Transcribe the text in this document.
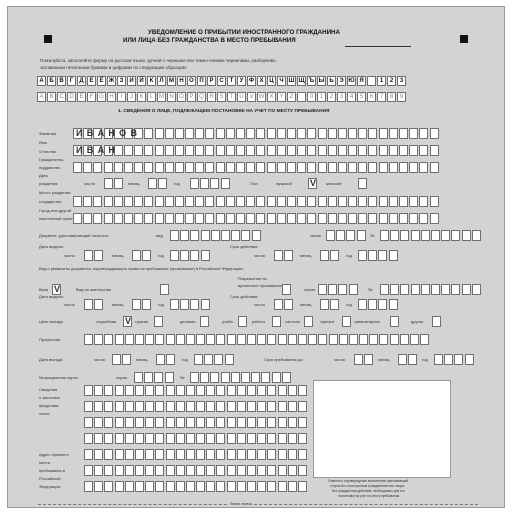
УВЕДОМЛЕНИЕ О ПРИБЫТИИ ИНОСТРАННОГО ГРАЖДАНИНА
ИЛИ ЛИЦА БЕЗ ГРАЖДАНСТВА В МЕСТО ПРЕБЫВАНИЯ
Пожалуйста, заполняйте форму на русском языке, ручкой с черными или темно-синими чернилами, разборчиво,
заглавными печатными буквами и цифрами по следующим образцам:
А Б В	Г	Д Е Ё Ж З И Й	К	Л М Н О П Р С Т	У Ф Х Ц Ч Ш Щ Ъ Ы Ь Э Ю Я	1	2	3
A B C D E	F G H	I	J	K	L M N O P Q R S	T	U V W X Y	Z	0	1	2	3	4	5	6	7	8	9
1. СВЕДЕНИЯ О ЛИЦЕ, ПОДЛЕЖАЩЕМ ПОСТАНОВКЕ НА УЧЕТ ПО МЕСТУ ПРЕБЫВАНИЯ
Фамилия И В А Н О В
Имя
Отчество И В А Н
Гражданство,
подданство
Дата
рождения:	число	месяц	год	Пол:	мужской V женский
Место рождения:
государство
Город или другой
населенный пункт
Документ, удостоверяющий личность:	вид	серия	№
Дата выдачи:
число	месяц	год
Срок действия:
число	месяц	год
Вид и реквизиты документа, подтверждающего право на пребывание (проживание) в Российской Федерации:
Виза V	Вид на жительство
Разрешение на
временное проживание
серия	№
Дата выдачи:
число	месяц	год
Срок действия:
число	месяц	год
Цель въезда:	служебная V туризм	деловая	учеба	работа	частная	транзит	гуманитарная	другая
Профессия
Дата въезда:	число	месяц	год	Срок пребывания до:	число	месяц	год
Миграционная карта:	серия	№
Сведения
о законных
представи-
телях:
Адрес прежнего
места
пребывания в
Российской
Федерации:
Отметка о подтверждении выполнения принимающей
стороной и иностранным гражданином или лицом
без гражданства действий, необходимых для его
постановки на учет по месту пребывания
Линия отреза
